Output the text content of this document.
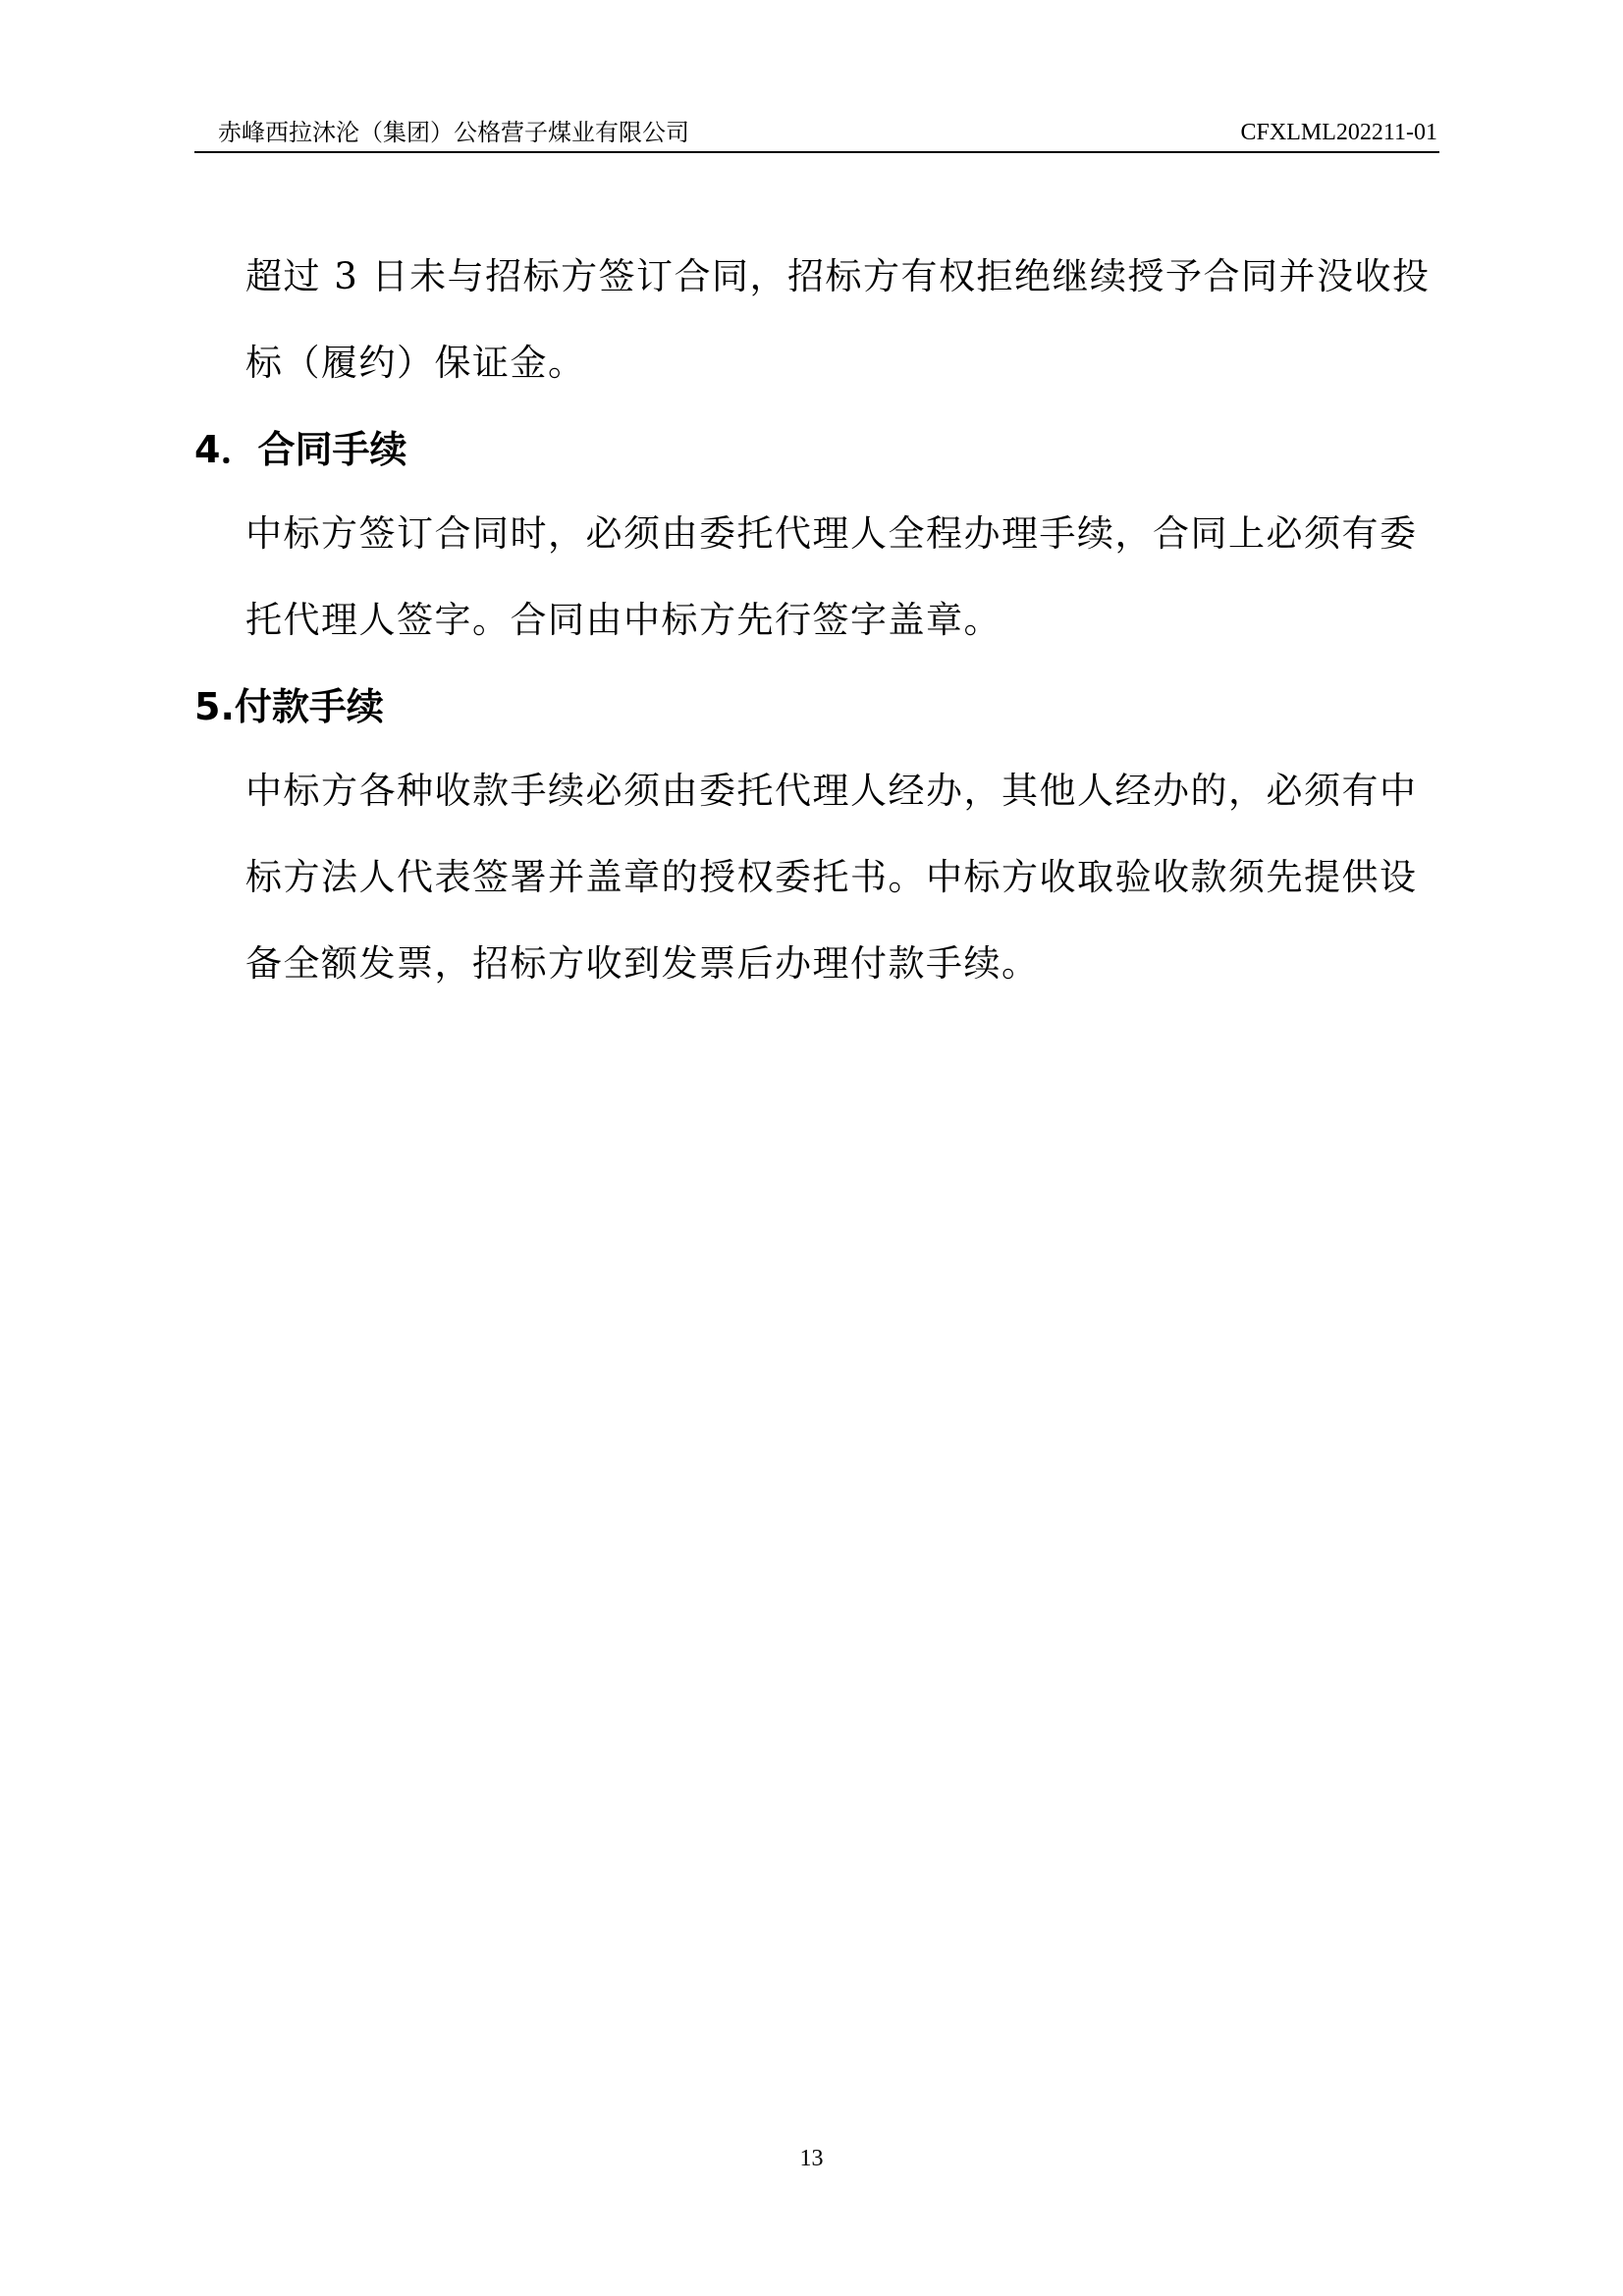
赤峰西拉沐沦（集团）公格营子煤业有限公司	CFXLML202211-01
超过 3 日未与招标方签订合同，招标方有权拒绝继续授予合同并没收投
标（履约）保证金。
4．合同手续
中标方签订合同时，必须由委托代理人全程办理手续，合同上必须有委
托代理人签字。合同由中标方先行签字盖章。
5.付款手续
中标方各种收款手续必须由委托代理人经办，其他人经办的，必须有中
标方法人代表签署并盖章的授权委托书。中标方收取验收款须先提供设
备全额发票，招标方收到发票后办理付款手续。
13
